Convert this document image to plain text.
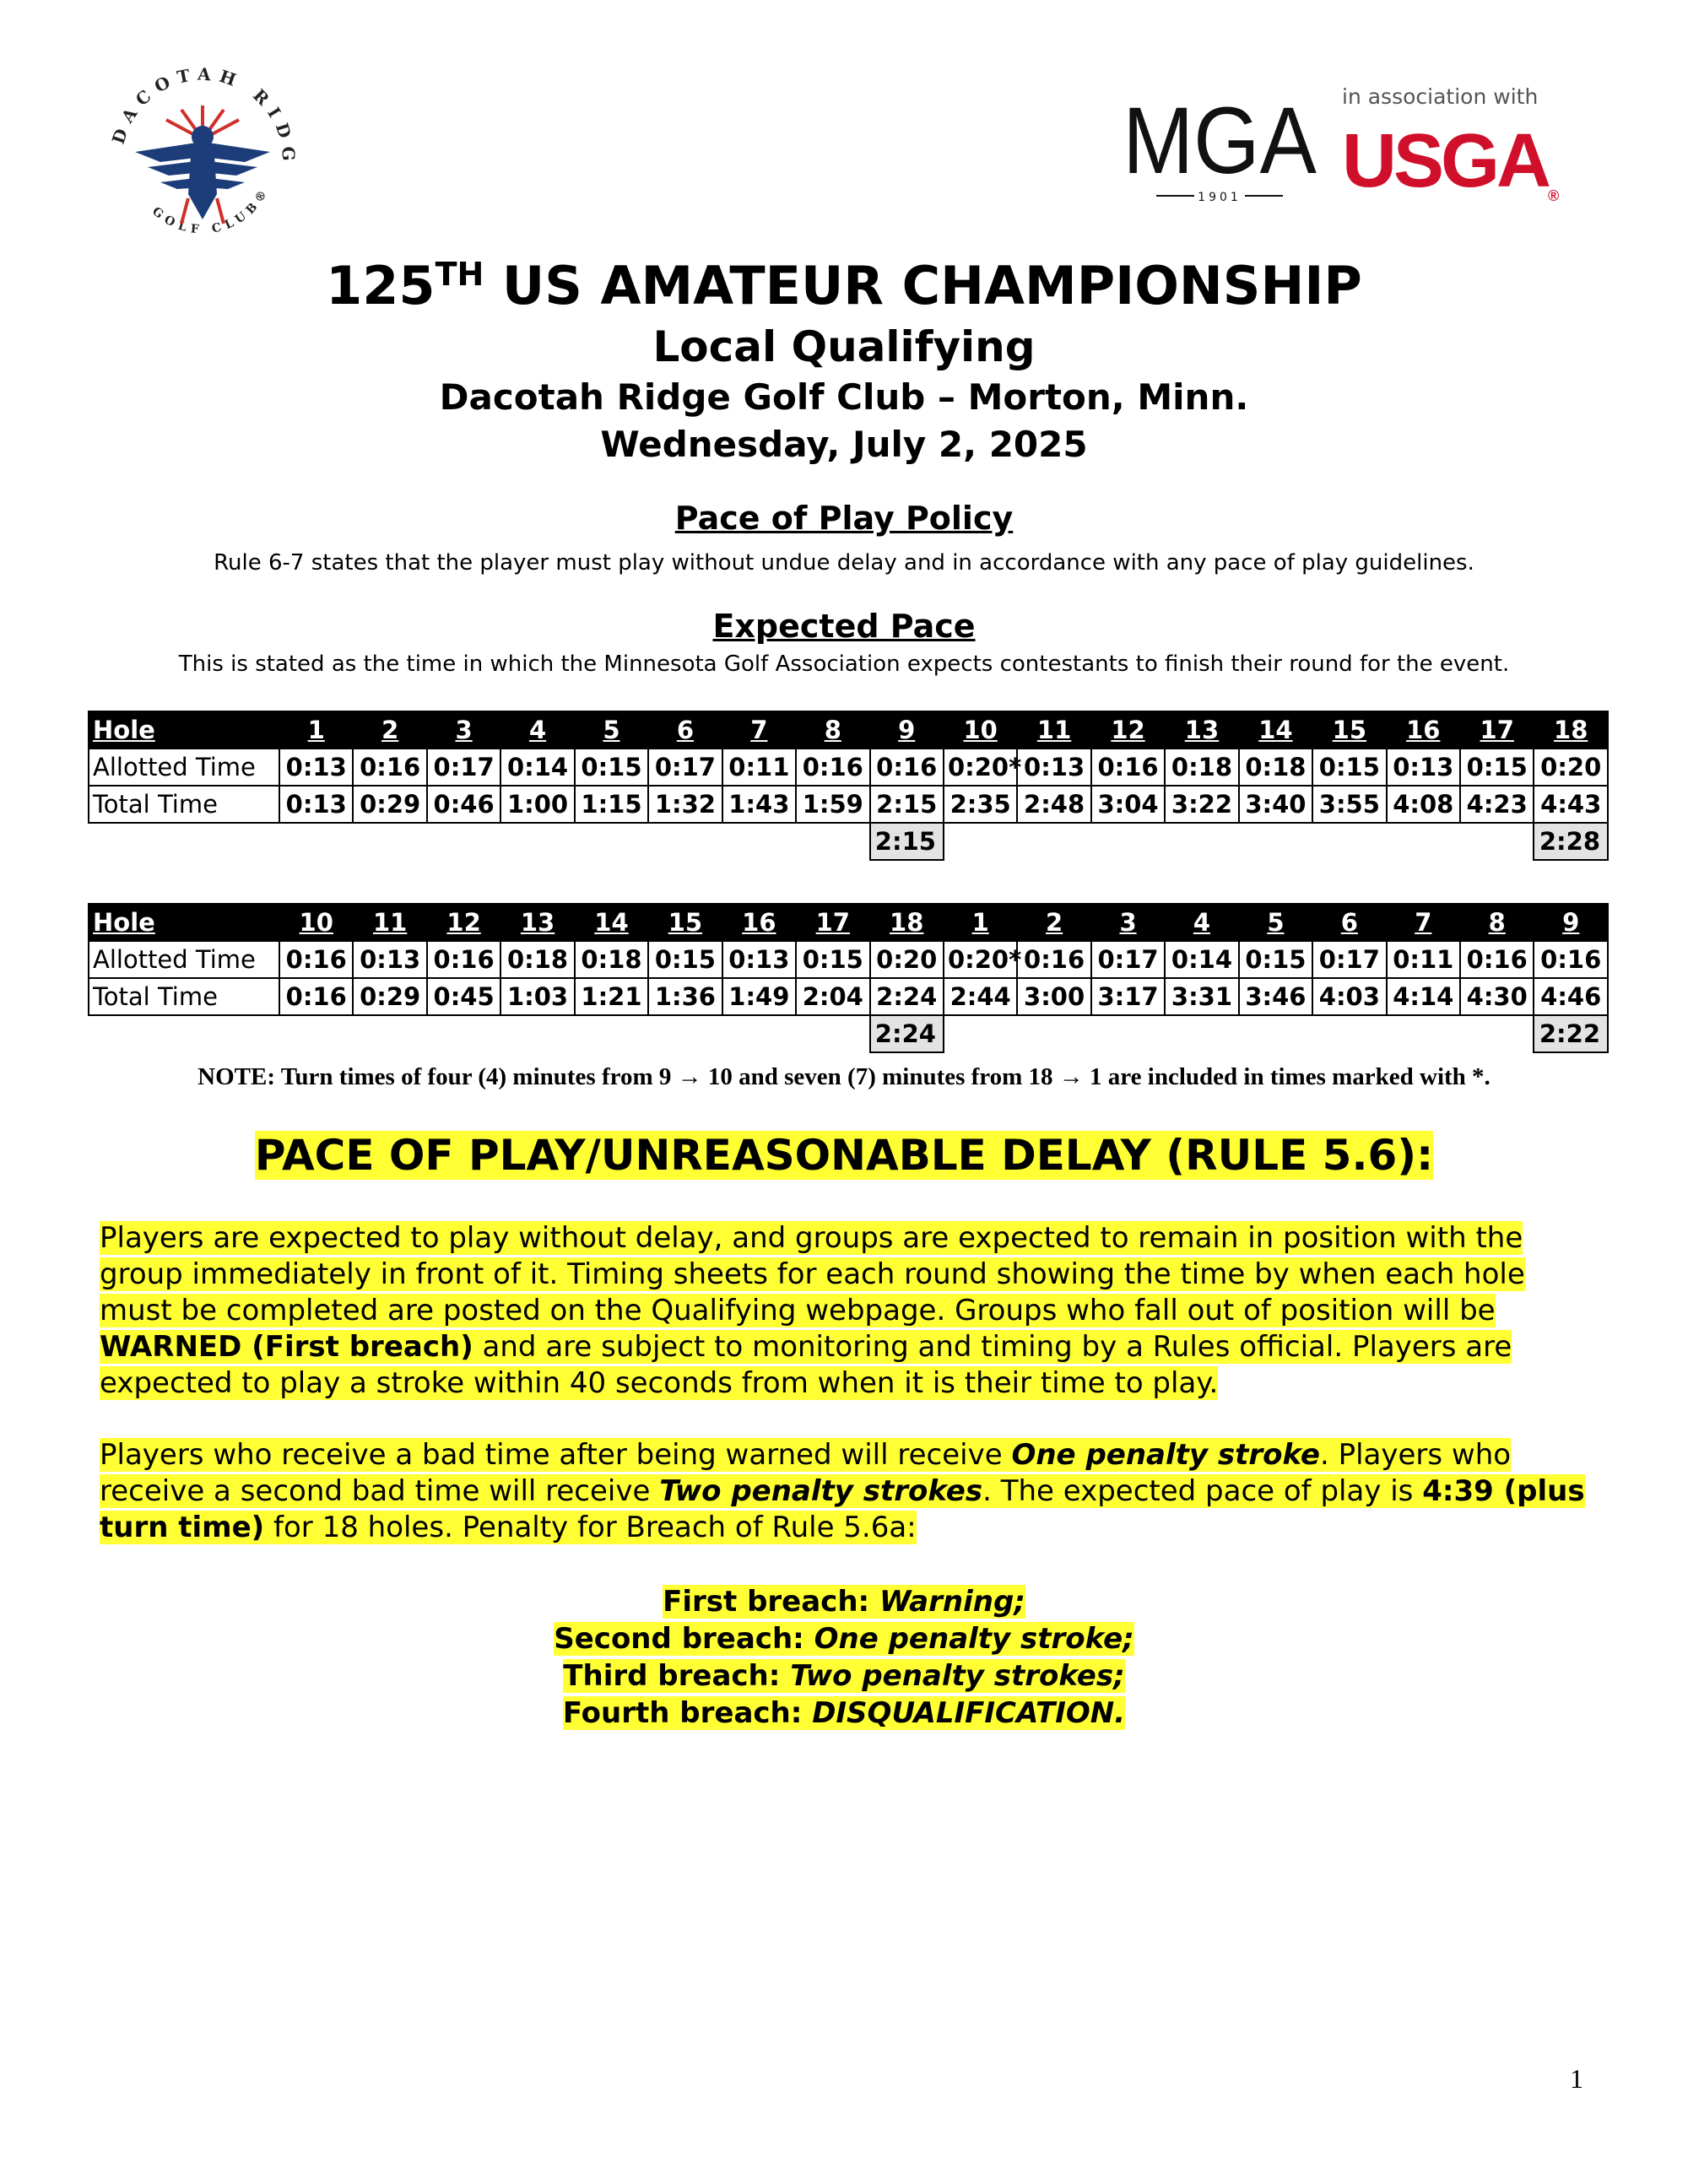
DACOTAH RIDG
GOLF CLUB®
MGA
1901
in association with
USGA®
125TH US AMATEUR CHAMPIONSHIP
Local Qualifying
Dacotah Ridge Golf Club – Morton, Minn.
Wednesday, July 2, 2025
Pace of Play Policy
Rule 6-7 states that the player must play without undue delay and in accordance with any pace of play guidelines.
Expected Pace
This is stated as the time in which the Minnesota Golf Association expects contestants to finish their round for the event.
Hole	1	2	3	4	5	6	7	8	9	10	11	12	13	14	15	16	17	18
Allotted Time	0:13	0:16	0:17	0:14	0:15	0:17	0:11	0:16	0:16	0:20*	0:13	0:16	0:18	0:18	0:15	0:13	0:15	0:20
Total Time	0:13	0:29	0:46	1:00	1:15	1:32	1:43	1:59	2:15	2:35	2:48	3:04	3:22	3:40	3:55	4:08	4:23	4:43
									2:15									2:28
Hole	10	11	12	13	14	15	16	17	18	1	2	3	4	5	6	7	8	9
Allotted Time	0:16	0:13	0:16	0:18	0:18	0:15	0:13	0:15	0:20	0:20*	0:16	0:17	0:14	0:15	0:17	0:11	0:16	0:16
Total Time	0:16	0:29	0:45	1:03	1:21	1:36	1:49	2:04	2:24	2:44	3:00	3:17	3:31	3:46	4:03	4:14	4:30	4:46
									2:24									2:22
NOTE: Turn times of four (4) minutes from 9 → 10 and seven (7) minutes from 18 → 1 are included in times marked with *.
PACE OF PLAY/UNREASONABLE DELAY (RULE 5.6):
Players are expected to play without delay, and groups are expected to remain in position with the group immediately in front of it. Timing sheets for each round showing the time by when each hole must be completed are posted on the Qualifying webpage. Groups who fall out of position will be WARNED (First breach) and are subject to monitoring and timing by a Rules official. Players are expected to play a stroke within 40 seconds from when it is their time to play.
Players who receive a bad time after being warned will receive One penalty stroke. Players who receive a second bad time will receive Two penalty strokes. The expected pace of play is 4:39 (plus turn time) for 18 holes. Penalty for Breach of Rule 5.6a:
First breach: Warning;
Second breach: One penalty stroke;
Third breach: Two penalty strokes;
Fourth breach: DISQUALIFICATION.
1
